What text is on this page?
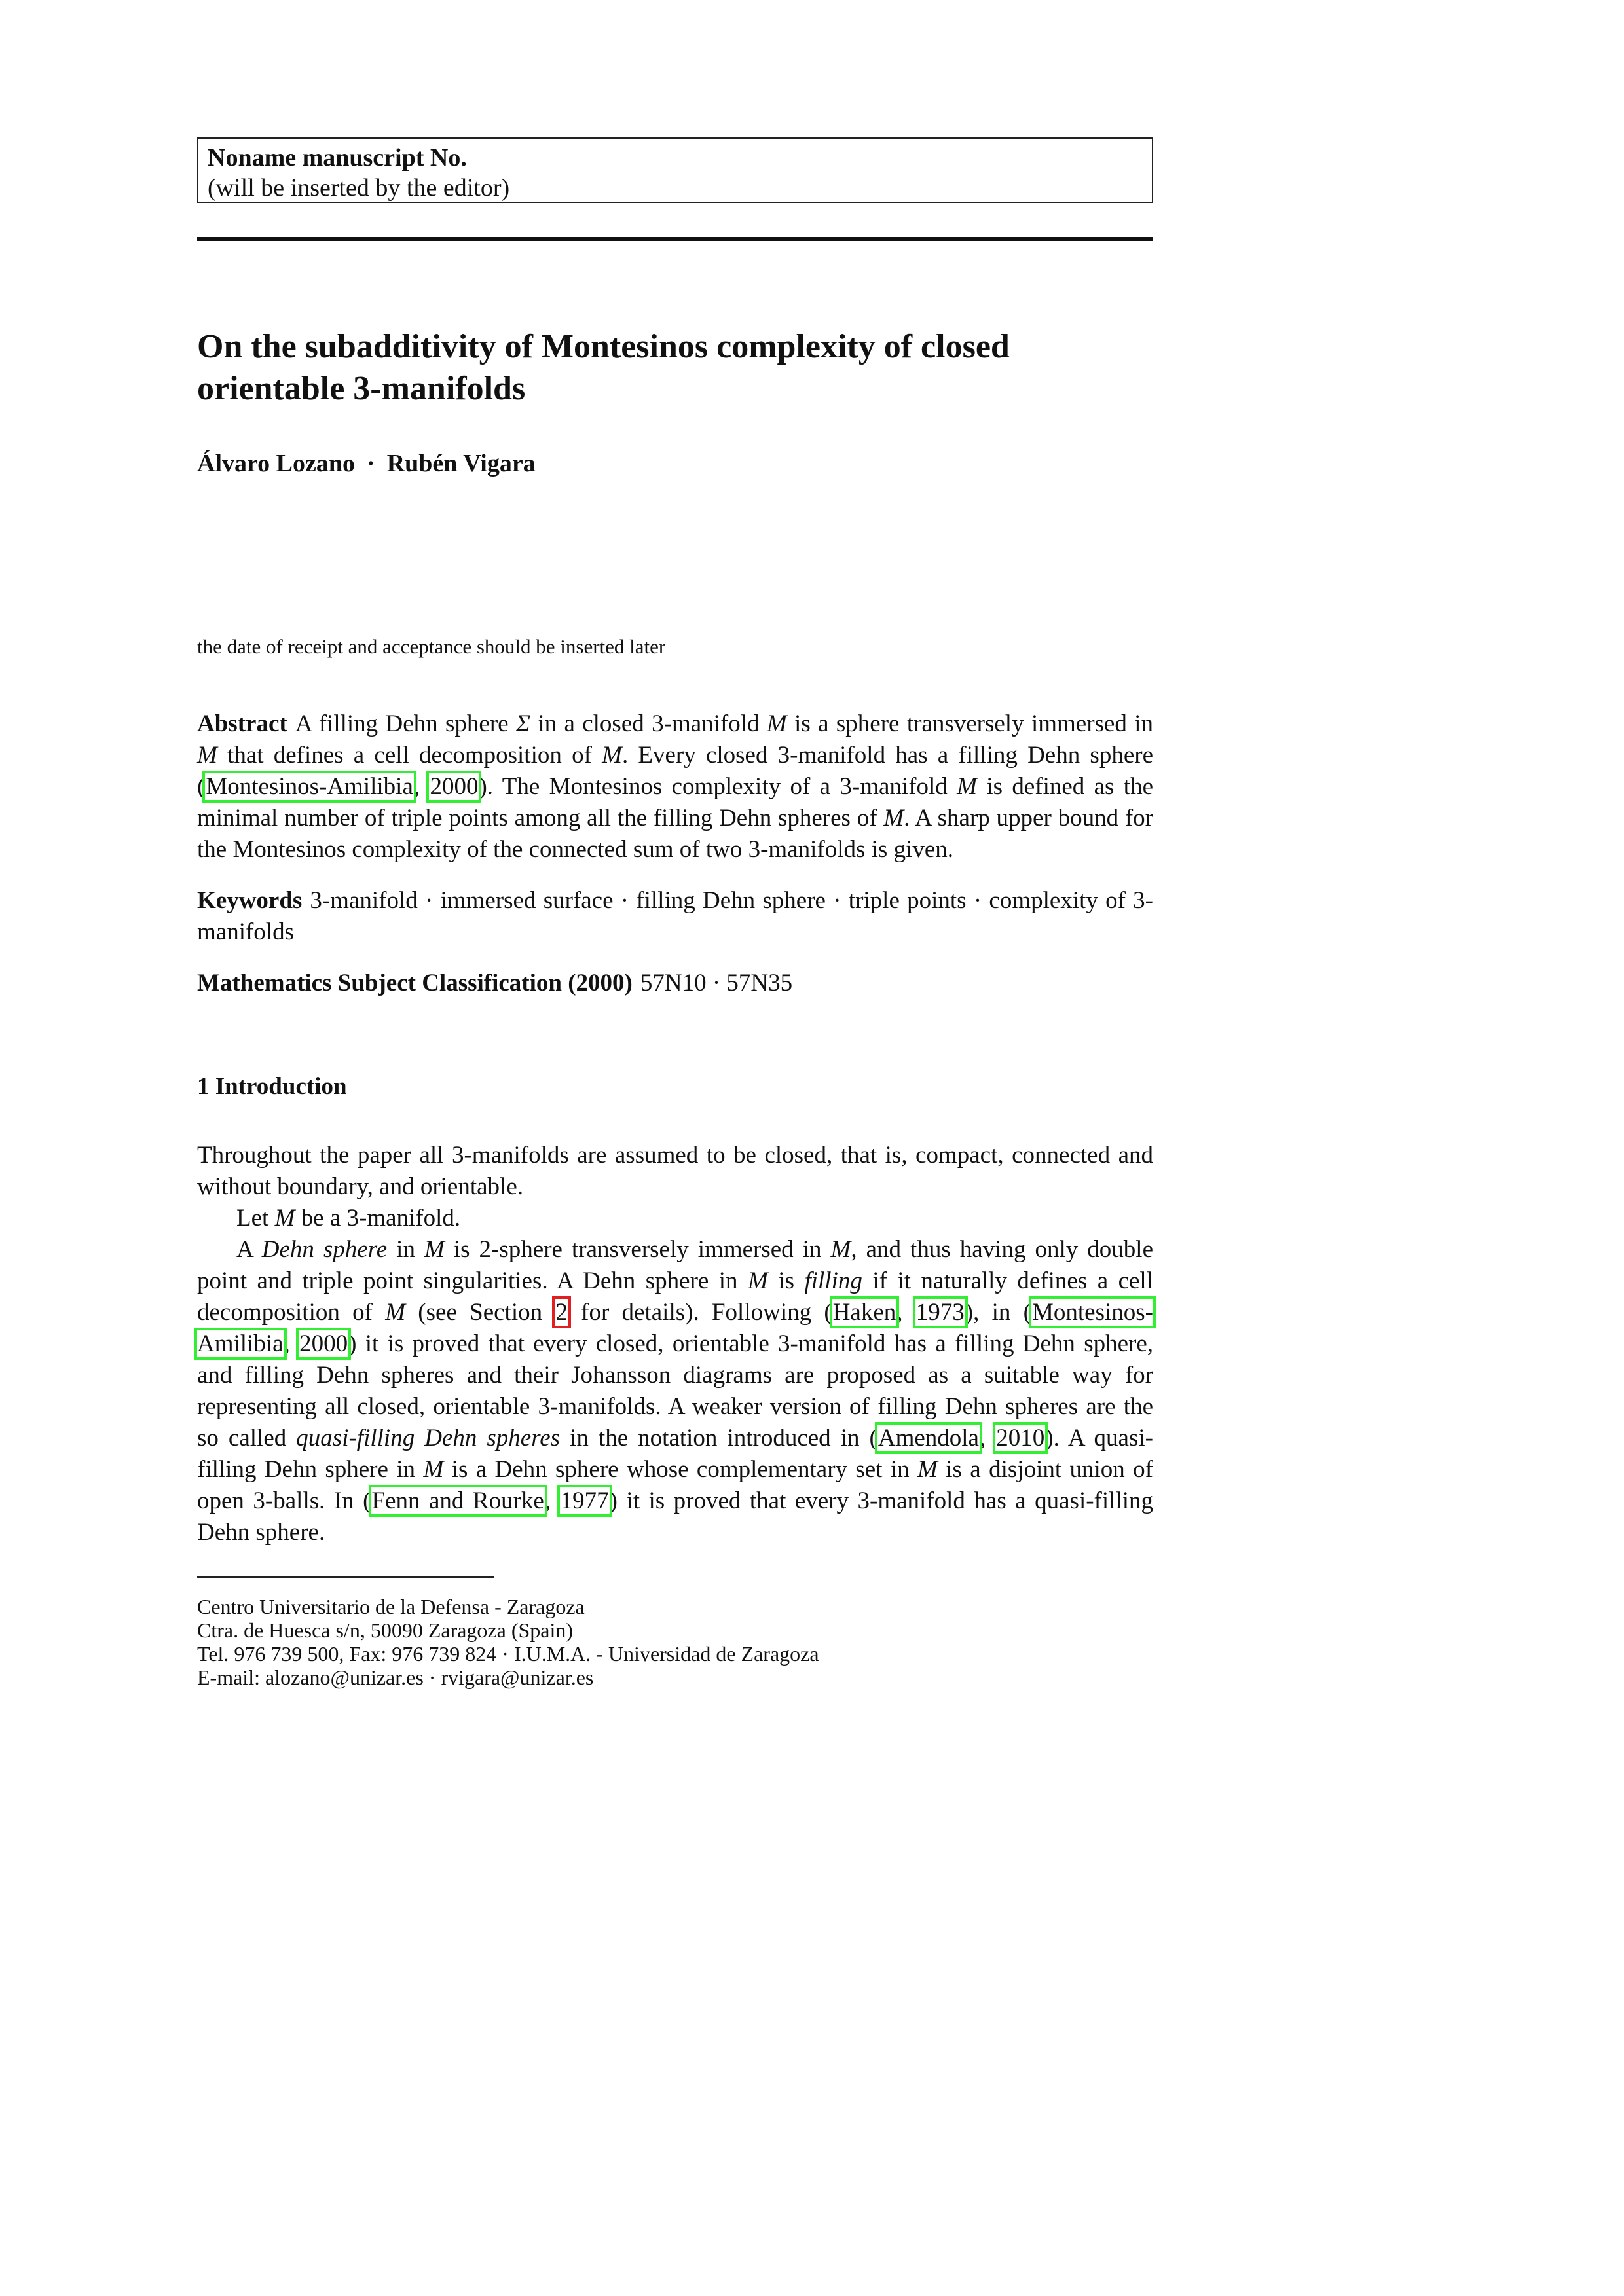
Noname manuscript No.
(will be inserted by the editor)
On the subadditivity of Montesinos complexity of closed orientable 3-manifolds
Álvaro Lozano · Rubén Vigara
the date of receipt and acceptance should be inserted later
Abstract A filling Dehn sphere Σ in a closed 3-manifold M is a sphere transversely immersed in M that defines a cell decomposition of M. Every closed 3-manifold has a filling Dehn sphere (Montesinos-Amilibia, 2000). The Montesinos complexity of a 3-manifold M is defined as the minimal number of triple points among all the filling Dehn spheres of M. A sharp upper bound for the Montesinos complexity of the connected sum of two 3-manifolds is given.
Keywords 3-manifold · immersed surface · filling Dehn sphere · triple points · complexity of 3-manifolds
Mathematics Subject Classification (2000) 57N10 · 57N35
1 Introduction

Throughout the paper all 3-manifolds are assumed to be closed, that is, compact, connected and without boundary, and orientable.

Let M be a 3-manifold.

A Dehn sphere in M is 2-sphere transversely immersed in M, and thus having only double point and triple point singularities. A Dehn sphere in M is filling if it naturally defines a cell decomposition of M (see Section 2 for details). Following (Haken, 1973), in (Montesinos-Amilibia, 2000) it is proved that every closed, orientable 3-manifold has a filling Dehn sphere, and filling Dehn spheres and their Johansson diagrams are proposed as a suitable way for representing all closed, orientable 3-manifolds. A weaker version of filling Dehn spheres are the so called quasi-filling Dehn spheres in the notation introduced in (Amendola, 2010). A quasi-filling Dehn sphere in M is a Dehn sphere whose complementary set in M is a disjoint union of open 3-balls. In (Fenn and Rourke, 1977) it is proved that every 3-manifold has a quasi-filling Dehn sphere.

Centro Universitario de la Defensa - Zaragoza
Ctra. de Huesca s/n, 50090 Zaragoza (Spain)
Tel. 976 739 500, Fax: 976 739 824 · I.U.M.A. - Universidad de Zaragoza
E-mail: alozano@unizar.es · rvigara@unizar.es
